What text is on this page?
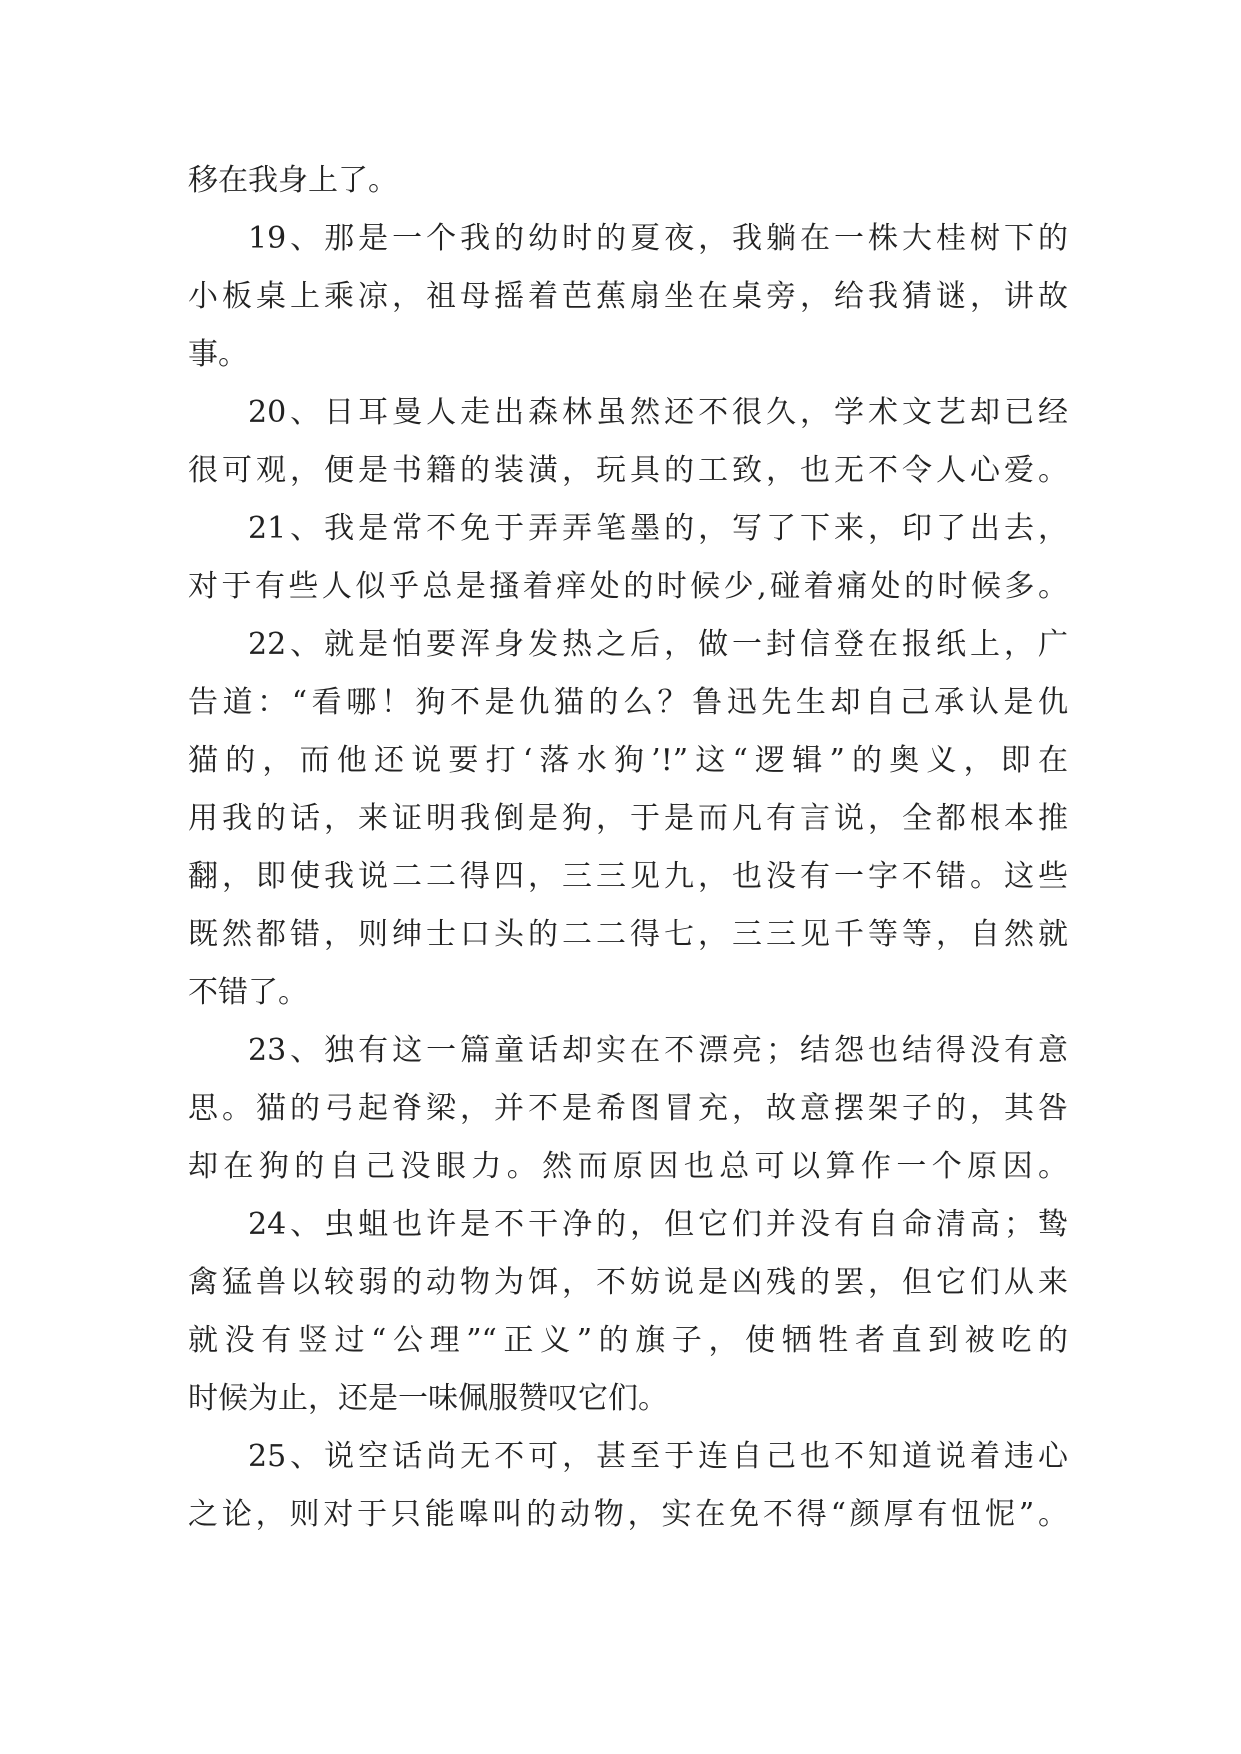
移在我身上了。
19、那是一个我的幼时的夏夜，我躺在一株大桂树下的
小板桌上乘凉，祖母摇着芭蕉扇坐在桌旁，给我猜谜，讲故
事。
20、日耳曼人走出森林虽然还不很久，学术文艺却已经
很可观，便是书籍的装潢，玩具的工致，也无不令人心爱。
21、我是常不免于弄弄笔墨的，写了下来，印了出去，
对于有些人似乎总是搔着痒处的时候少,碰着痛处的时候多。
22、就是怕要浑身发热之后，做一封信登在报纸上，广
告道：“看哪！狗不是仇猫的么？鲁迅先生却自己承认是仇
猫的，而他还说要打‘落水狗’!”这“逻辑”的奥义，即在
用我的话，来证明我倒是狗，于是而凡有言说，全都根本推
翻，即使我说二二得四，三三见九，也没有一字不错。这些
既然都错，则绅士口头的二二得七，三三见千等等，自然就
不错了。
23、独有这一篇童话却实在不漂亮；结怨也结得没有意
思。猫的弓起脊梁，并不是希图冒充，故意摆架子的，其咎
却在狗的自己没眼力。然而原因也总可以算作一个原因。
24、虫蛆也许是不干净的，但它们并没有自命清高；鸷
禽猛兽以较弱的动物为饵，不妨说是凶残的罢，但它们从来
就没有竖过“公理”“正义”的旗子，使牺牲者直到被吃的
时候为止，还是一味佩服赞叹它们。
25、说空话尚无不可，甚至于连自己也不知道说着违心
之论，则对于只能嗥叫的动物，实在免不得“颜厚有忸怩”。
